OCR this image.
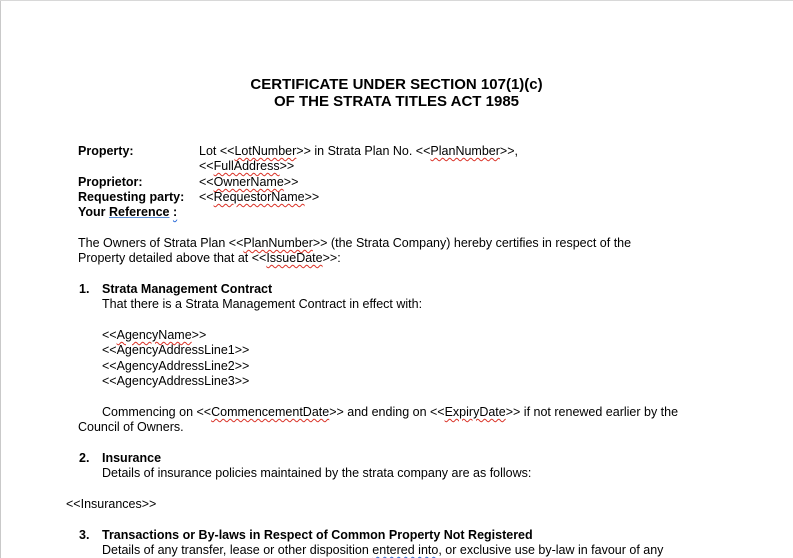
CERTIFICATE UNDER SECTION 107(1)(c)
OF THE STRATA TITLES ACT 1985
Property:	Lot <<LotNumber>> in Strata Plan No. <<PlanNumber>>,
<<FullAddress>>
Proprietor:	<<OwnerName>>
Requesting party: <<RequestorName>>
Your Reference :
The Owners of Strata Plan <<PlanNumber>> (the Strata Company) hereby certifies in respect of the
Property detailed above that at <<IssueDate>>:
1. Strata Management Contract
That there is a Strata Management Contract in effect with:
<<AgencyName>>
<<AgencyAddressLine1>>
<<AgencyAddressLine2>>
<<AgencyAddressLine3>>
Commencing on <<CommencementDate>> and ending on <<ExpiryDate>> if not renewed earlier by the
Council of Owners.
2. Insurance
Details of insurance policies maintained by the strata company are as follows:
<<Insurances>>
3. Transactions or By-laws in Respect of Common Property Not Registered
Details of any transfer, lease or other disposition entered into, or exclusive use by-law in favour of any
